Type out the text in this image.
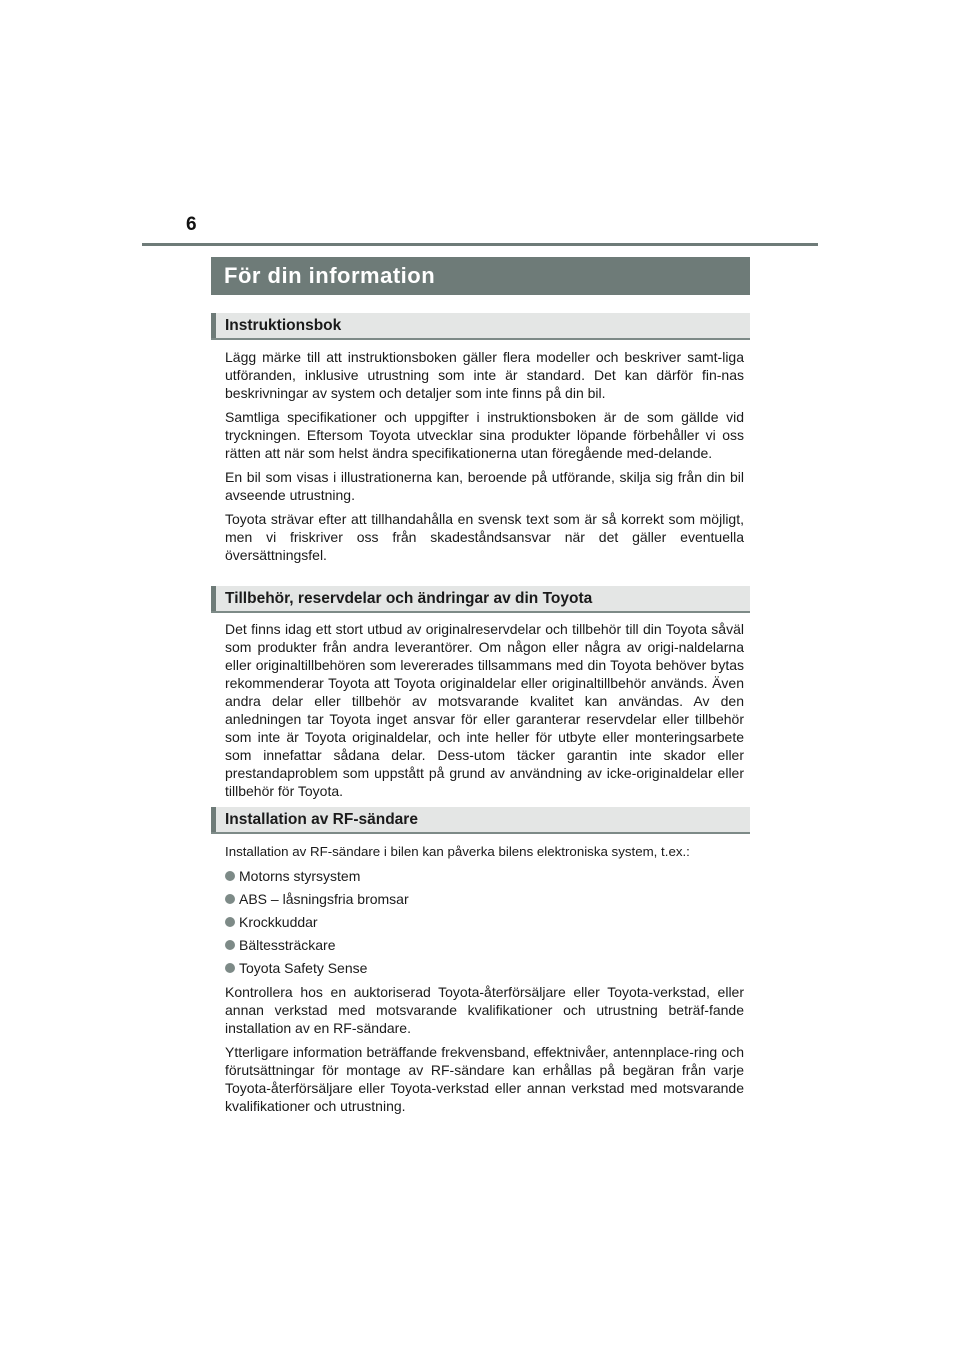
6
För din information
Instruktionsbok

Lägg märke till att instruktionsboken gäller flera modeller och beskriver samt-liga utföranden, inklusive utrustning som inte är standard. Det kan därför fin-nas beskrivningar av system och detaljer som inte finns på din bil.

Samtliga specifikationer och uppgifter i instruktionsboken är de som gällde vid tryckningen. Eftersom Toyota utvecklar sina produkter löpande förbehåller vi oss rätten att när som helst ändra specifikationerna utan föregående med-delande.

En bil som visas i illustrationerna kan, beroende på utförande, skilja sig från din bil avseende utrustning.

Toyota strävar efter att tillhandahålla en svensk text som är så korrekt som möjligt, men vi friskriver oss från skadeståndsansvar när det gäller eventuella översättningsfel.

Tillbehör, reservdelar och ändringar av din Toyota

Det finns idag ett stort utbud av originalreservdelar och tillbehör till din Toyota såväl som produkter från andra leverantörer. Om någon eller några av origi-naldelarna eller originaltillbehören som levererades tillsammans med din Toyota behöver bytas rekommenderar Toyota att Toyota originaldelar eller originaltillbehör används. Även andra delar eller tillbehör av motsvarande kvalitet kan användas. Av den anledningen tar Toyota inget ansvar för eller garanterar reservdelar eller tillbehör som inte är Toyota originaldelar, och inte heller för utbyte eller monteringsarbete som innefattar sådana delar. Dess-utom täcker garantin inte skador eller prestandaproblem som uppstått på grund av användning av icke-originaldelar eller tillbehör för Toyota.

Installation av RF-sändare

Installation av RF-sändare i bilen kan påverka bilens elektroniska system, t.ex.:

Motorns styrsystem
ABS – låsningsfria bromsar
Krockkuddar
Bältessträckare
Toyota Safety Sense

Kontrollera hos en auktoriserad Toyota-återförsäljare eller Toyota-verkstad, eller annan verkstad med motsvarande kvalifikationer och utrustning beträf-fande installation av en RF-sändare.

Ytterligare information beträffande frekvensband, effektnivåer, antennplace-ring och förutsättningar för montage av RF-sändare kan erhållas på begäran från varje Toyota-återförsäljare eller Toyota-verkstad eller annan verkstad med motsvarande kvalifikationer och utrustning.
